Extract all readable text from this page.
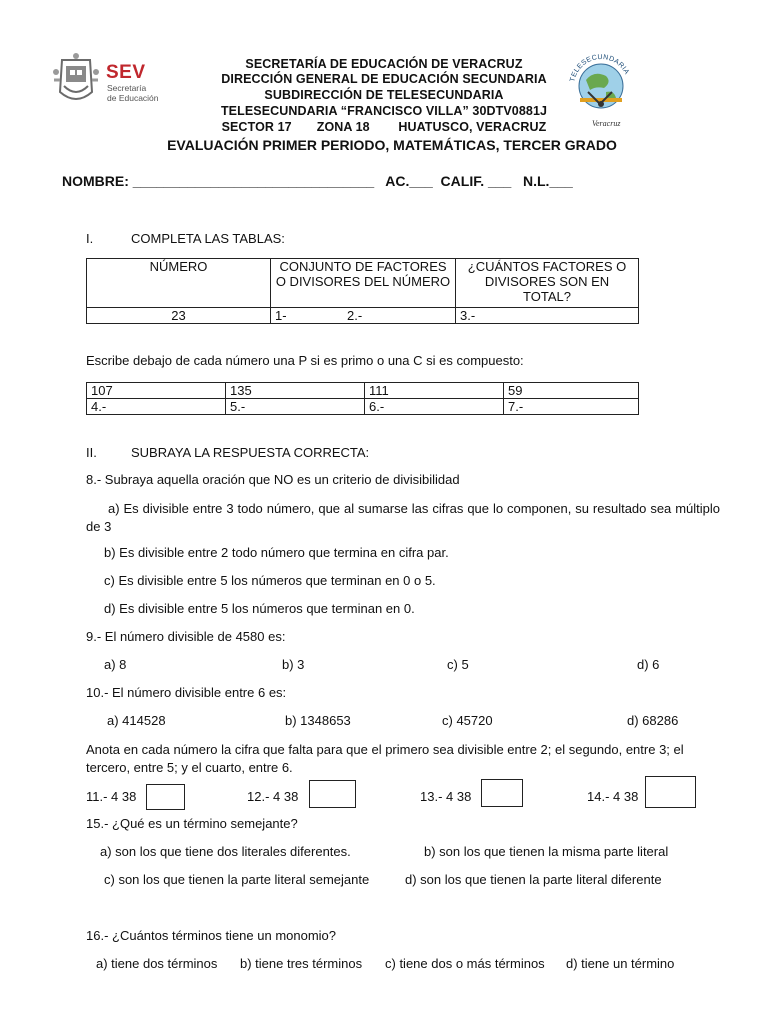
SEV
Secretaría
de Educación
TELESECUNDARIA
Veracruz
SECRETARÍA DE EDUCACIÓN DE VERACRUZ
DIRECCIÓN GENERAL DE EDUCACIÓN SECUNDARIA
SUBDIRECCIÓN DE TELESECUNDARIA
TELESECUNDARIA “FRANCISCO VILLA” 30DTV0881J
SECTOR 17       ZONA 18        HUATUSCO, VERACRUZ
EVALUACIÓN PRIMER PERIODO, MATEMÁTICAS, TERCER GRADO
NOMBRE: _______________________________   AC.___  CALIF. ___   N.L.___
I.	COMPLETA LAS TABLAS:
NÚMERO	CONJUNTO DE FACTORES O DIVISORES DEL NÚMERO	¿CUÁNTOS FACTORES O DIVISORES SON EN TOTAL?
23	1- 2.-	3.-
Escribe debajo de cada número una P si es primo o una C si es compuesto:
107	135	111	59
4.-	5.-	6.-	7.-
II.	SUBRAYA LA RESPUESTA CORRECTA:
8.- Subraya aquella oración que NO es un criterio de divisibilidad
a) Es divisible entre 3 todo número, que al sumarse las cifras que lo componen, su resultado sea múltiplo de 3
b) Es divisible entre 2 todo número que termina en cifra par.
c) Es divisible entre 5 los números que terminan en 0 o 5.
d) Es divisible entre 5 los números que terminan en 0.
9.- El número divisible de 4580 es:
a) 8	b) 3	c) 5	d) 6
10.- El número divisible entre 6 es:
a) 414528	b) 1348653	c) 45720	d) 68286
Anota en cada número la cifra que falta para que el primero sea divisible entre 2; el segundo, entre 3; el tercero, entre 5; y el cuarto, entre 6.
11.- 4 38	12.- 4 38	13.- 4 38	14.- 4 38
15.- ¿Qué es un término semejante?
a) son los que tiene dos literales diferentes.	b) son los que tienen la misma parte literal
c) son los que tienen la parte literal semejante	d) son los que tienen la parte literal diferente
16.- ¿Cuántos términos tiene un monomio?
a) tiene dos términos b) tiene tres términos c) tiene dos o más términos d) tiene un término
